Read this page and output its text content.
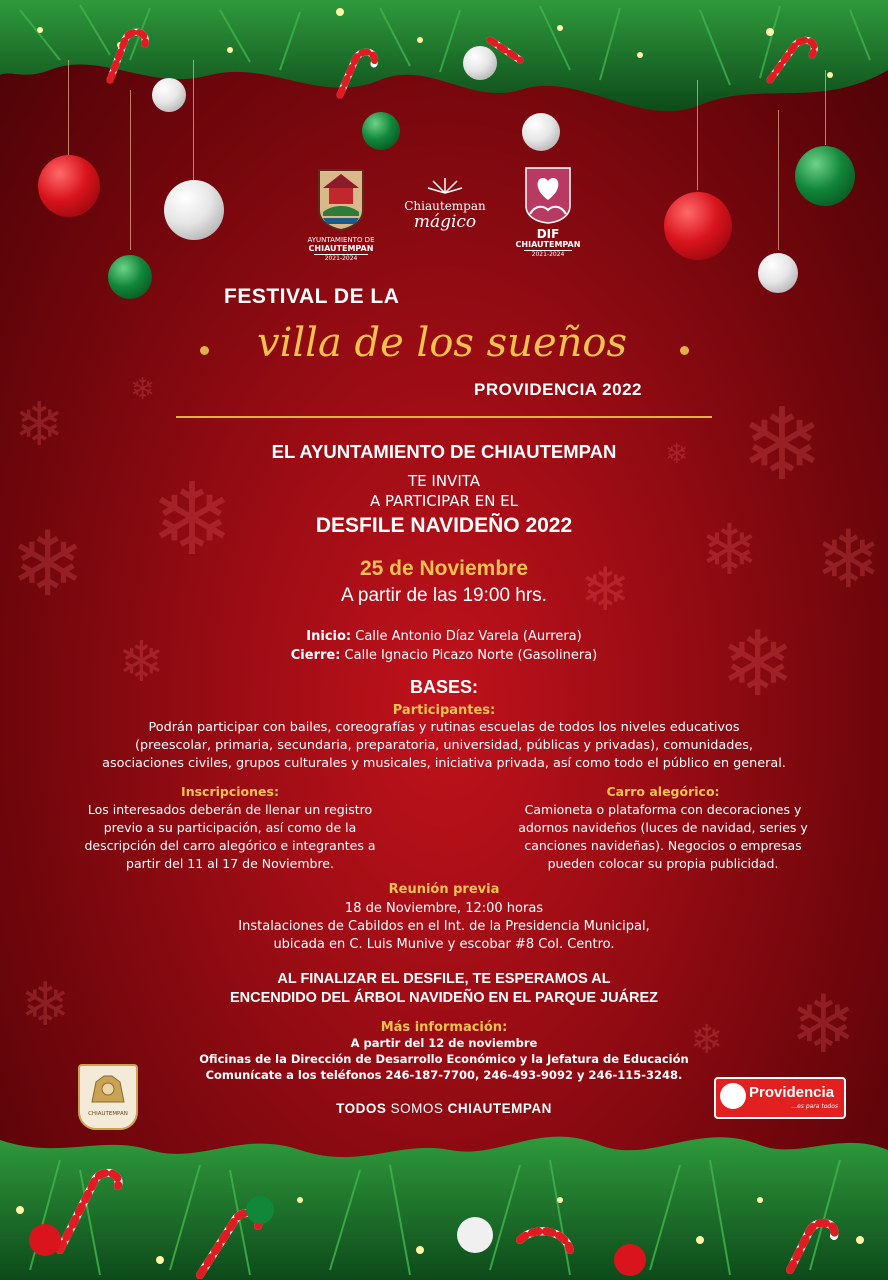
❄
❄ ❄
❄
❄	❄
❄ ❄
❄
❄
❄
❄	❄
❄
AYUNTAMIENTO DE
CHIAUTEMPAN
2021-2024
Chiautempan
mágico
DIF
CHIAUTEMPAN
2021-2024
FESTIVAL DE LA
villa de los sueños
PROVIDENCIA 2022
EL AYUNTAMIENTO DE CHIAUTEMPAN
TE INVITA
A PARTICIPAR EN EL
DESFILE NAVIDEÑO 2022
25 de Noviembre
A partir de las 19:00 hrs.
Inicio: Calle Antonio Díaz Varela (Aurrera)
Cierre: Calle Ignacio Picazo Norte (Gasolinera)
BASES:
Participantes:
Podrán participar con bailes, coreografías y rutinas escuelas de todos los niveles educativos
(preescolar, primaria, secundaria, preparatoria, universidad, públicas y privadas), comunidades,
asociaciones civiles, grupos culturales y musicales, iniciativa privada, así como todo el público en general.
Inscripciones:
Los interesados deberán de llenar un registro
previo a su participación, así como de la
descripción del carro alegórico e integrantes a
partir del 11 al 17 de Noviembre.
Carro alegórico:
Camioneta o plataforma con decoraciones y
adornos navideños (luces de navidad, series y
canciones navideñas). Negocios o empresas
pueden colocar su propia publicidad.
Reunión previa
18 de Noviembre, 12:00 horas
Instalaciones de Cabildos en el Int. de la Presidencia Municipal,
ubicada en C. Luis Munive y escobar #8 Col. Centro.
AL FINALIZAR EL DESFILE, TE ESPERAMOS AL
ENCENDIDO DEL ÁRBOL NAVIDEÑO EN EL PARQUE JUÁREZ
Más información:
A partir del 12 de noviembre
Oficinas de la Dirección de Desarrollo Económico y la Jefatura de Educación
Comunícate a los teléfonos 246-187-7700, 246-493-9092 y 246-115-3248.
TODOS SOMOS CHIAUTEMPAN
CHIAUTEMPAN
Providencia
...es para todos
